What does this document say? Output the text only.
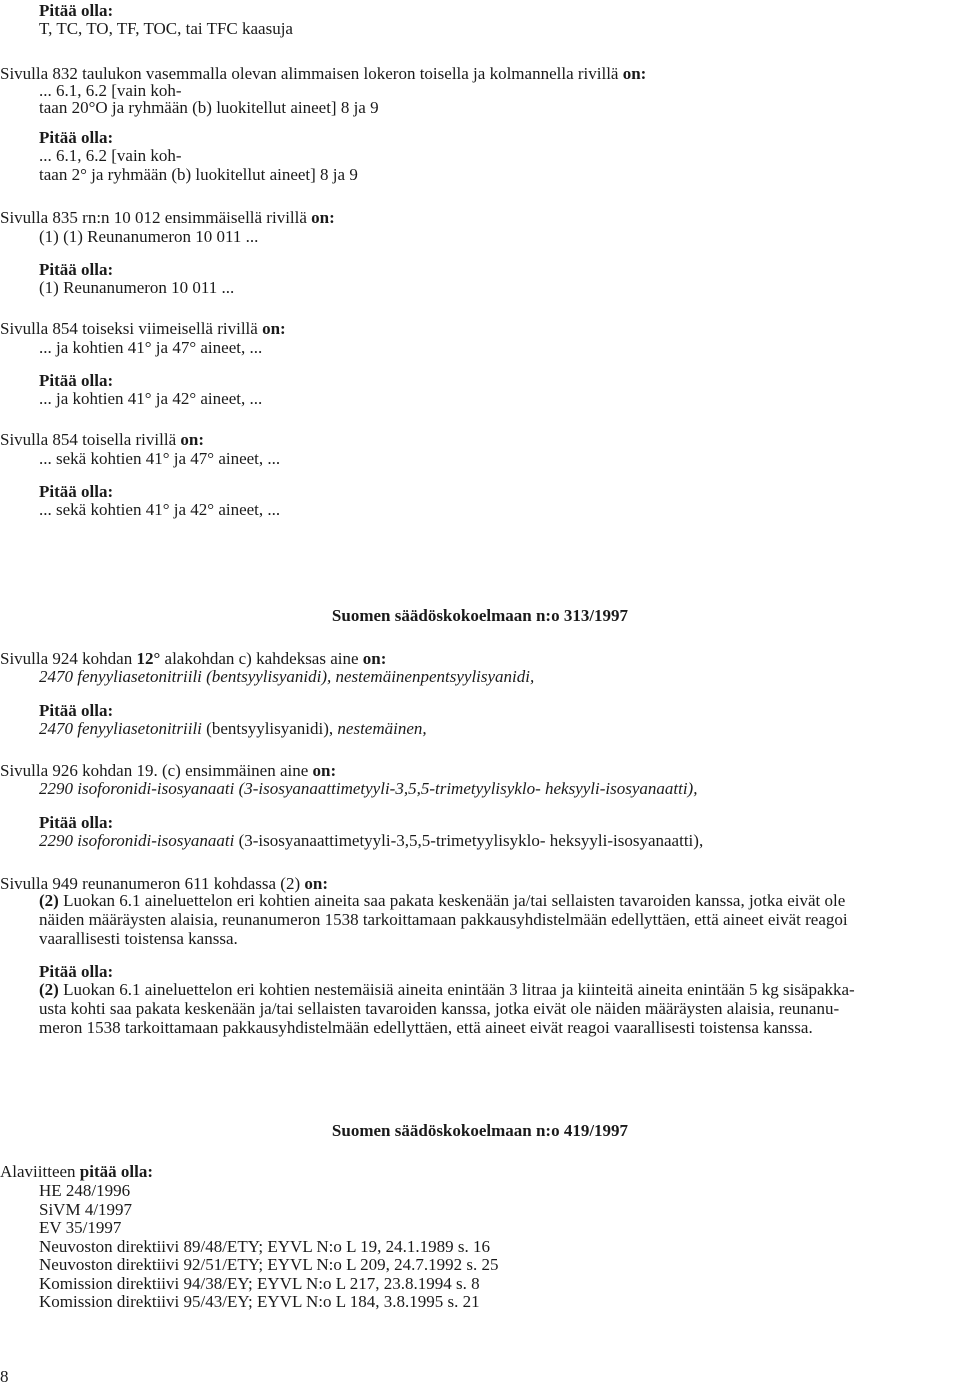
Pitää olla:
T, TC, TO, TF, TOC, tai TFC kaasuja
Sivulla 832 taulukon vasemmalla olevan alimmaisen lokeron toisella ja kolmannella rivillä on:
... 6.1, 6.2 [vain koh-
taan 20°O ja ryhmään (b) luokitellut aineet] 8 ja 9
Pitää olla:
... 6.1, 6.2 [vain koh-
taan 2° ja ryhmään (b) luokitellut aineet] 8 ja 9
Sivulla 835 rn:n 10 012 ensimmäisellä rivillä on:
(1) (1) Reunanumeron 10 011 ...
Pitää olla:
(1) Reunanumeron 10 011 ...
Sivulla 854 toiseksi viimeisellä rivillä on:
... ja kohtien 41° ja 47° aineet, ...
Pitää olla:
... ja kohtien 41° ja 42° aineet, ...
Sivulla 854 toisella rivillä on:
... sekä kohtien 41° ja 47° aineet, ...
Pitää olla:
... sekä kohtien 41° ja 42° aineet, ...
Suomen säädöskokoelmaan n:o 313/1997
Sivulla 924 kohdan 12° alakohdan c) kahdeksas aine on:
2470 fenyyliasetonitriili (bentsyylisyanidi), nestemäinenpentsyylisyanidi,
Pitää olla:
2470 fenyyliasetonitriili (bentsyylisyanidi), nestemäinen,
Sivulla 926 kohdan 19. (c) ensimmäinen aine on:
2290 isoforonidi-isosyanaati (3-isosyanaattimetyyli-3,5,5-trimetyylisyklo- heksyyli-isosyanaatti),
Pitää olla:
2290 isoforonidi-isosyanaati (3-isosyanaattimetyyli-3,5,5-trimetyylisyklo- heksyyli-isosyanaatti),
Sivulla 949 reunanumeron 611 kohdassa (2) on:
(2) Luokan 6.1 aineluettelon eri kohtien aineita saa pakata keskenään ja/tai sellaisten tavaroiden kanssa, jotka eivät ole
näiden määräysten alaisia, reunanumeron 1538 tarkoittamaan pakkausyhdistelmään edellyttäen, että aineet eivät reagoi
vaarallisesti toistensa kanssa.
Pitää olla:
(2) Luokan 6.1 aineluettelon eri kohtien nestemäisiä aineita enintään 3 litraa ja kiinteitä aineita enintään 5 kg sisäpakka-
usta kohti saa pakata keskenään ja/tai sellaisten tavaroiden kanssa, jotka eivät ole näiden määräysten alaisia, reunanu-
meron 1538 tarkoittamaan pakkausyhdistelmään edellyttäen, että aineet eivät reagoi vaarallisesti toistensa kanssa.
Suomen säädöskokoelmaan n:o 419/1997
Alaviitteen pitää olla:
HE 248/1996
SiVM 4/1997
EV 35/1997
Neuvoston direktiivi 89/48/ETY; EYVL N:o L 19, 24.1.1989 s. 16
Neuvoston direktiivi 92/51/ETY; EYVL N:o L 209, 24.7.1992 s. 25
Komission direktiivi 94/38/EY; EYVL N:o L 217, 23.8.1994 s. 8
Komission direktiivi 95/43/EY; EYVL N:o L 184, 3.8.1995 s. 21
8
